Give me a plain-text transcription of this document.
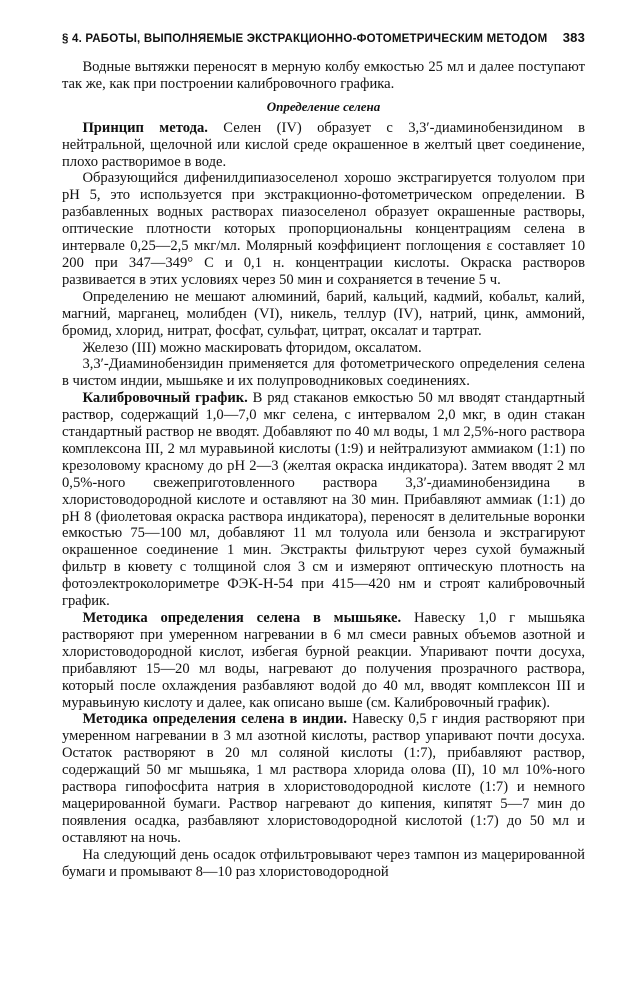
§ 4. РАБОТЫ, ВЫПОЛНЯЕМЫЕ ЭКСТРАКЦИОННО-ФОТОМЕТРИЧЕСКИМ МЕТОДОМ 383

Водные вытяжки переносят в мерную колбу емкостью 25 мл и далее поступают так же, как при построении калибровочного графика.

Определение селена

Принцип метода. Селен (IV) образует с 3,3′-диаминобензидином в нейтральной, щелочной или кислой среде окрашенное в желтый цвет соединение, плохо растворимое в воде.

Образующийся дифенилдипиазоселенол хорошо экстрагируется толуолом при рН 5, это используется при экстракционно-фотометрическом определении. В разбавленных водных растворах пиазоселенол образует окрашенные растворы, оптические плотности которых пропорциональны концентрациям селена в интервале 0,25—2,5 мкг/мл. Молярный коэффициент поглощения ε составляет 10 200 при 347—349° С и 0,1 н. концентрации кислоты. Окраска растворов развивается в этих условиях через 50 мин и сохраняется в течение 5 ч.

Определению не мешают алюминий, барий, кальций, кадмий, кобальт, калий, магний, марганец, молибден (VI), никель, теллур (IV), натрий, цинк, аммоний, бромид, хлорид, нитрат, фосфат, сульфат, цитрат, оксалат и тартрат.

Железо (III) можно маскировать фторидом, оксалатом.

3,3′-Диаминобензидин применяется для фотометрического определения селена в чистом индии, мышьяке и их полупроводниковых соединениях.

Калибровочный график. В ряд стаканов емкостью 50 мл вводят стандартный раствор, содержащий 1,0—7,0 мкг селена, с интервалом 2,0 мкг, в один стакан стандартный раствор не вводят. Добавляют по 40 мл воды, 1 мл 2,5%-ного раствора комплексона III, 2 мл муравьиной кислоты (1:9) и нейтрализуют аммиаком (1:1) по крезоловому красному до рН 2—3 (желтая окраска индикатора). Затем вводят 2 мл 0,5%-ного свежеприготовленного раствора 3,3′-диаминобензидина в хлористоводородной кислоте и оставляют на 30 мин. Прибавляют аммиак (1:1) до рН 8 (фиолетовая окраска раствора индикатора), переносят в делительные воронки емкостью 75—100 мл, добавляют 11 мл толуола или бензола и экстрагируют окрашенное соединение 1 мин. Экстракты фильтруют через сухой бумажный фильтр в кювету с толщиной слоя 3 см и измеряют оптическую плотность на фотоэлектроколориметре ФЭК-Н-54 при 415—420 нм и строят калибровочный график.

Методика определения селена в мышьяке. Навеску 1,0 г мышьяка растворяют при умеренном нагревании в 6 мл смеси равных объемов азотной и хлористоводородной кислот, избегая бурной реакции. Упаривают почти досуха, прибавляют 15—20 мл воды, нагревают до получения прозрачного раствора, который после охлаждения разбавляют водой до 40 мл, вводят комплексон III и муравьиную кислоту и далее, как описано выше (см. Калибровочный график).

Методика определения селена в индии. Навеску 0,5 г индия растворяют при умеренном нагревании в 3 мл азотной кислоты, раствор упаривают почти досуха. Остаток растворяют в 20 мл соляной кислоты (1:7), прибавляют раствор, содержащий 50 мг мышьяка, 1 мл раствора хлорида олова (II), 10 мл 10%-ного раствора гипофосфита натрия в хлористоводородной кислоте (1:7) и немного мацерированной бумаги. Раствор нагревают до кипения, кипятят 5—7 мин до появления осадка, разбавляют хлористоводородной кислотой (1:7) до 50 мл и оставляют на ночь.

На следующий день осадок отфильтровывают через тампон из мацерированной бумаги и промывают 8—10 раз хлористоводородной
